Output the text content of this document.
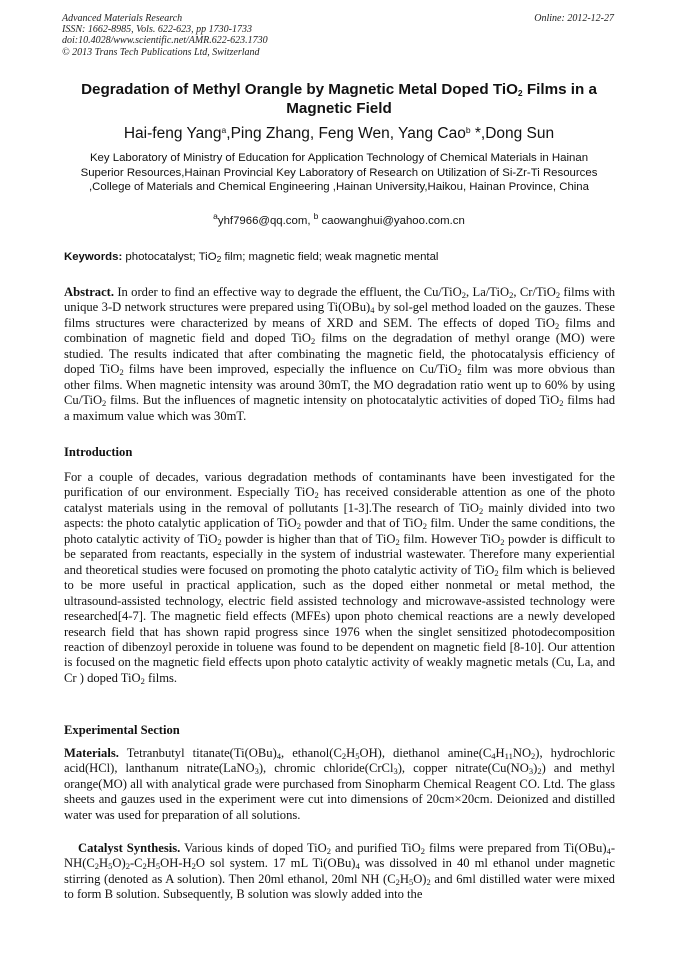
Advanced Materials Research
ISSN: 1662-8985, Vols. 622-623, pp 1730-1733
doi:10.4028/www.scientific.net/AMR.622-623.1730
© 2013 Trans Tech Publications Ltd, Switzerland
Online: 2012-12-27
Degradation of Methyl Orangle by Magnetic Metal Doped TiO$_2$ Films in a Magnetic Field
Hai-feng Yang$^a$,Ping Zhang, Feng Wen, Yang Cao$^b$ *,Dong Sun
Key Laboratory of Ministry of Education for Application Technology of Chemical Materials in Hainan Superior Resources,Hainan Provincial Key Laboratory of Research on Utilization of Si-Zr-Ti Resources ,College of Materials and Chemical Engineering ,Hainan University,Haikou, Hainan Province, China
$^a$yhf7966@qq.com, $^b$ caowanghui@yahoo.com.cn
Keywords: photocatalyst; TiO$_2$ film; magnetic field; weak magnetic mental
Abstract. In order to find an effective way to degrade the effluent, the Cu/TiO$_2$, La/TiO$_2$, Cr/TiO$_2$ films with unique 3-D network structures were prepared using $Ti(OBu)_4$ by sol-gel method loaded on the gauzes. These films structures were characterized by means of XRD and SEM. The effects of doped TiO$_2$ films and combination of magnetic field and doped TiO$_2$ films on the degradation of methyl orange (MO) were studied. The results indicated that after combinating the magnetic field, the photocatalysis efficiency of doped TiO$_2$ films have been improved, especially the influence on Cu/TiO$_2$ film was more obvious than other films. When magnetic intensity was around 30mT, the MO degradation ratio went up to 60% by using Cu/TiO$_2$ films. But the influences of magnetic intensity on photocatalytic activities of doped TiO$_2$ films had a maximum value which was 30mT.
Introduction
For a couple of decades, various degradation methods of contaminants have been investigated for the purification of our environment. Especially TiO$_2$ has received considerable attention as one of the photo catalyst materials using in the removal of pollutants [1-3].The research of TiO$_2$ mainly divided into two aspects: the photo catalytic application of TiO$_2$ powder and that of TiO$_2$ film. Under the same conditions, the photo catalytic activity of TiO$_2$ powder is higher than that of TiO$_2$ film. However TiO$_2$ powder is difficult to be separated from reactants, especially in the system of industrial wastewater. Therefore many experiential and theoretical studies were focused on promoting the photo catalytic activity of TiO$_2$ film which is believed to be more useful in practical application, such as the doped either nonmetal or metal method, the ultrasound-assisted technology, electric field assisted technology and microwave-assisted technology were researched[4-7]. The magnetic field effects (MFEs) upon photo chemical reactions are a newly developed research field that has shown rapid progress since 1976 when the singlet sensitized photodecomposition reaction of dibenzoyl peroxide in toluene was found to be dependent on magnetic field [8-10]. Our attention is focused on the magnetic field effects upon photo catalytic activity of weakly magnetic metals (Cu, La, and Cr ) doped TiO$_2$ films.
Experimental Section
Materials. Tetranbutyl $titanate(Ti(OBu)_4$, $ethanol(C_2H_5OH)$, diethanol $amine(C_4H_{11}NO_2)$, hydrochloric acid(HCl), lanthanum nitrate(LaNO$_3$), chromic chloride(CrCl$_3$), copper $nitrate(Cu(NO_3)_2)$ and methyl orange(MO) all with analytical grade were purchased from Sinopharm Chemical Reagent CO. Ltd. The glass sheets and gauzes used in the experiment were cut into dimensions of 20cm×20cm. Deionized and distilled water was used for preparation of all solutions.
Catalyst Synthesis. Various kinds of doped TiO$_2$ and purified TiO$_2$ films were prepared from $Ti(OBu)_4-NH(C_2H_5O)_2-C_2H_5OH-H_2O$ sol system. 17 mL $Ti(OBu)_4$ was dissolved in 40 ml ethanol under magnetic stirring (denoted as A solution). Then 20ml ethanol, 20ml NH $(C_2H_5O)_2$ and 6ml distilled water were mixed to form B solution. Subsequently, B solution was slowly added into the
